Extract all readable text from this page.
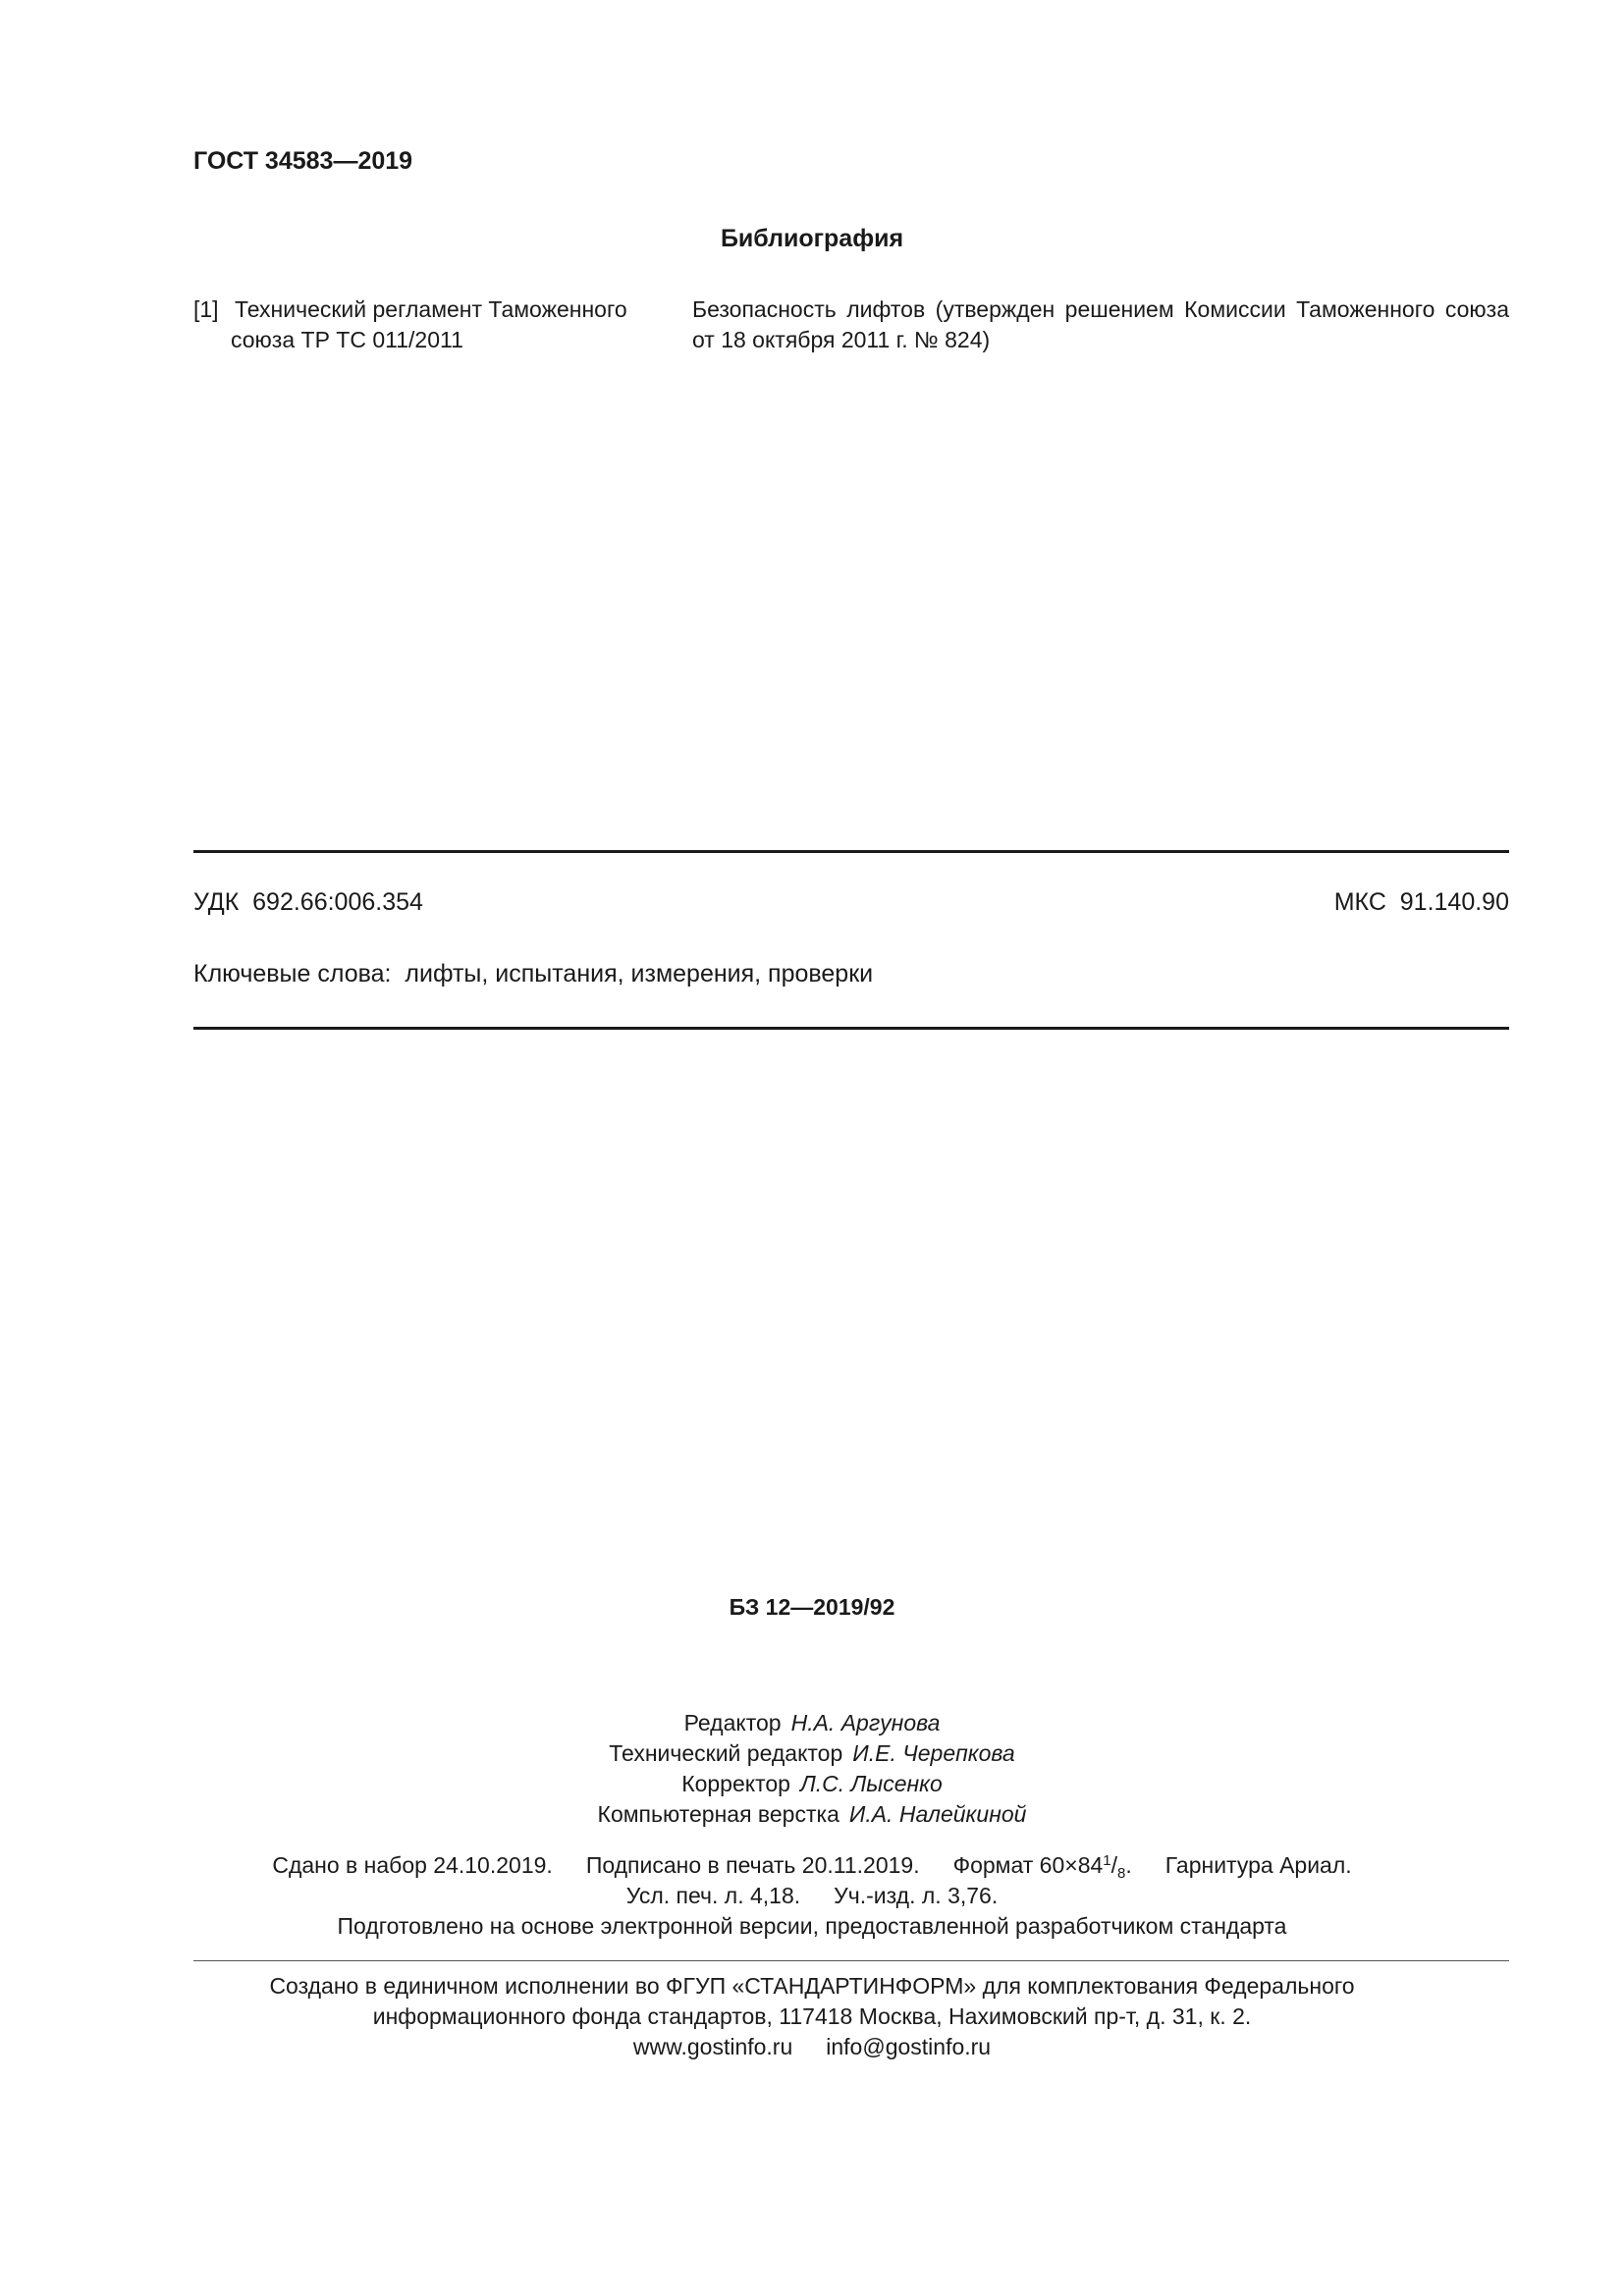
ГОСТ 34583—2019
Библиография
[1] Технический регламент Таможенного
союза ТР ТС 011/2011
Безопасность лифтов (утвержден решением Комиссии Таможенного союза от 18 октября 2011 г. № 824)
УДК  692.66:006.354	МКС  91.140.90
Ключевые слова:  лифты, испытания, измерения, проверки
БЗ 12—2019/92
Редактор Н.А. Аргунова
Технический редактор И.Е. Черепкова
Корректор Л.С. Лысенко
Компьютерная верстка И.А. Налейкиной
Сдано в набор 24.10.2019. Подписано в печать 20.11.2019. Формат $60\times 84^1/_8$. Гарнитура Ариал.
Усл. печ. л. 4,18. Уч.-изд. л. 3,76.
Подготовлено на основе электронной версии, предоставленной разработчиком стандарта
Создано в единичном исполнении во ФГУП «СТАНДАРТИНФОРМ» для комплектования Федерального
информационного фонда стандартов, 117418 Москва, Нахимовский пр-т, д. 31, к. 2.
www.gostinfo.ru info@gostinfo.ru
